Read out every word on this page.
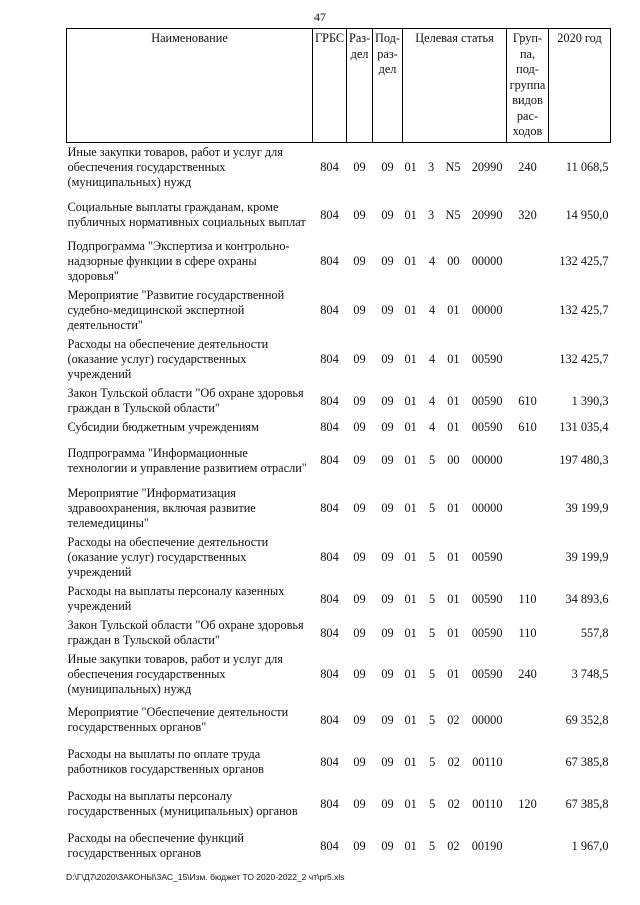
47
Наименование	ГРБС	Раз-дел	Под-раз-дел	Целевая статья	Груп-па, под-группа видов рас-ходов	2020 год
Иные закупки товаров, работ и услуг для обеспечения государственных (муниципальных) нужд	804	09	09	01 3 N5 20990	240	11 068,5
Социальные выплаты гражданам, кроме публичных нормативных социальных выплат	804	09	09	01 3 N5 20990	320	14 950,0
Подпрограмма "Экспертиза и контрольно-надзорные функции в сфере охраны здоровья"	804	09	09	01 4 00 00000		132 425,7
Мероприятие "Развитие государственной судебно-медицинской экспертной деятельности"	804	09	09	01 4 01 00000		132 425,7
Расходы на обеспечение деятельности (оказание услуг) государственных учреждений	804	09	09	01 4 01 00590		132 425,7
Закон Тульской области "Об охране здоровья граждан в Тульской области"	804	09	09	01 4 01 00590	610	1 390,3
Субсидии бюджетным учреждениям	804	09	09	01 4 01 00590	610	131 035,4
Подпрограмма "Информационные технологии и управление развитием отрасли"	804	09	09	01 5 00 00000		197 480,3
Мероприятие "Информатизация здравоохранения, включая развитие телемедицины"	804	09	09	01 5 01 00000		39 199,9
Расходы на обеспечение деятельности (оказание услуг) государственных учреждений	804	09	09	01 5 01 00590		39 199,9
Расходы на выплаты персоналу казенных учреждений	804	09	09	01 5 01 00590	110	34 893,6
Закон Тульской области "Об охране здоровья граждан в Тульской области"	804	09	09	01 5 01 00590	110	557,8
Иные закупки товаров, работ и услуг для обеспечения государственных (муниципальных) нужд	804	09	09	01 5 01 00590	240	3 748,5
Мероприятие "Обеспечение деятельности государственных органов"	804	09	09	01 5 02 00000		69 352,8
Расходы на выплаты по оплате труда работников государственных органов	804	09	09	01 5 02 00110		67 385,8
Расходы на выплаты персоналу государственных (муниципальных) органов	804	09	09	01 5 02 00110	120	67 385,8
Расходы на обеспечение функций государственных органов	804	09	09	01 5 02 00190		1 967,0
D:\Г\Д7\2020\ЗАКОНЫ\ЗАС_15\Изм. бюджет ТО 2020-2022_2 чт\pr5.xls
